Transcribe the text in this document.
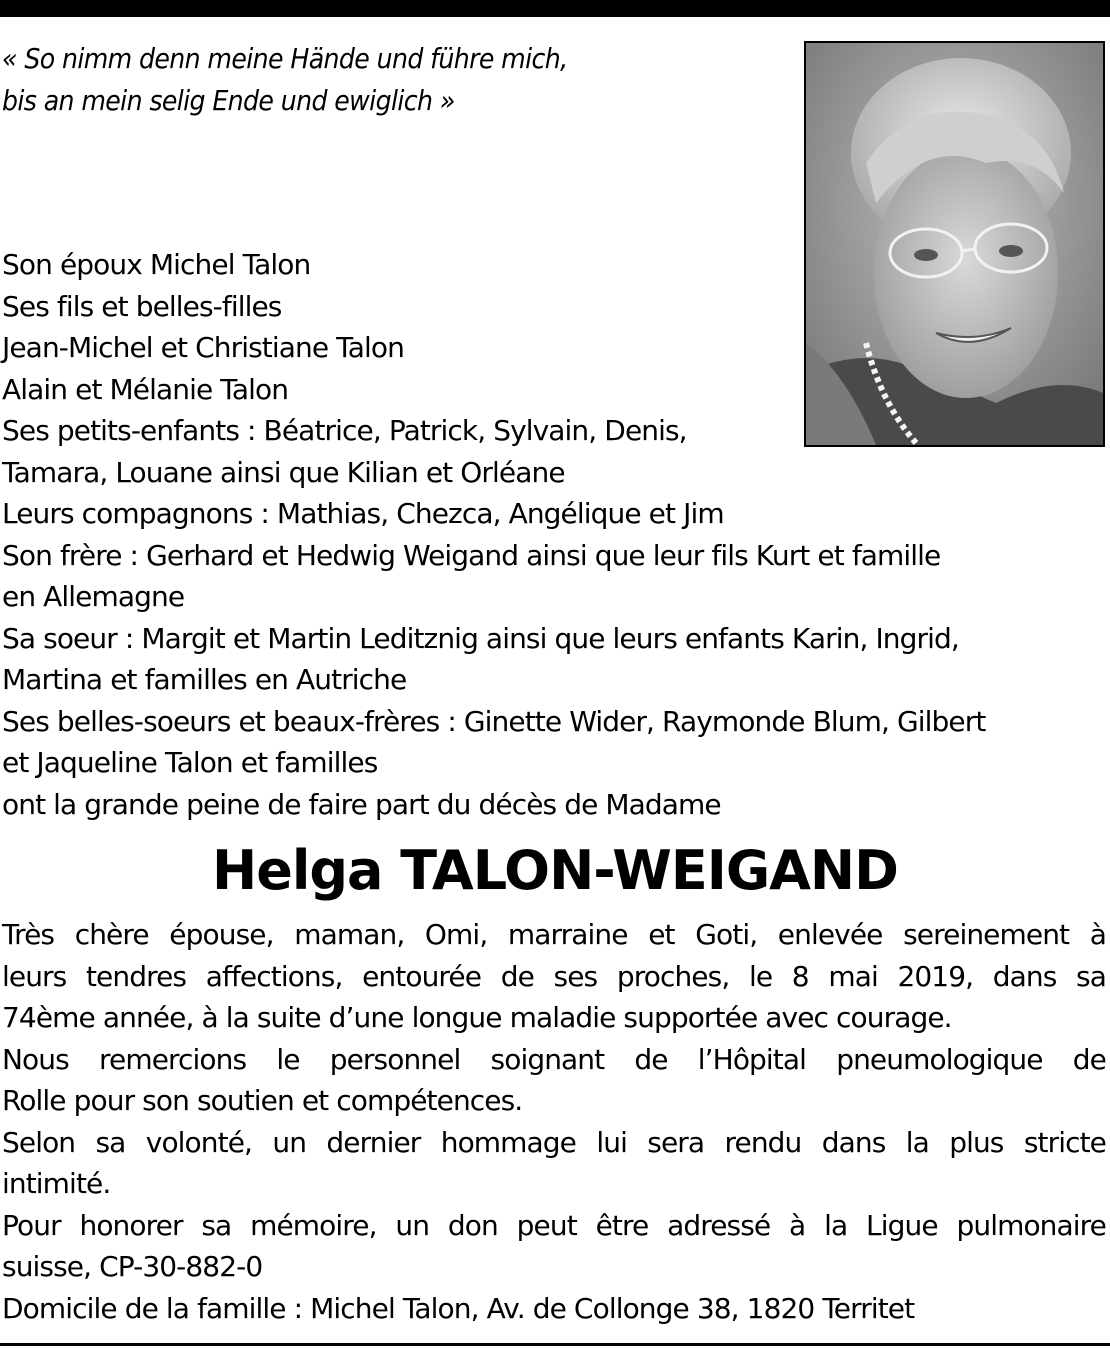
« So nimm denn meine Hände und führe mich,
bis an mein selig Ende und ewiglich »
Son époux Michel Talon
Ses fils et belles-filles
Jean-Michel et Christiane Talon
Alain et Mélanie Talon
Ses petits-enfants : Béatrice, Patrick, Sylvain, Denis,
Tamara, Louane ainsi que Kilian et Orléane
Leurs compagnons : Mathias, Chezca, Angélique et Jim
Son frère : Gerhard et Hedwig Weigand ainsi que leur fils Kurt et famille
en Allemagne
Sa soeur : Margit et Martin Leditznig ainsi que leurs enfants Karin, Ingrid,
Martina et familles en Autriche
Ses belles-soeurs et beaux-frères : Ginette Wider, Raymonde Blum, Gilbert
et Jaqueline Talon et familles
ont la grande peine de faire part du décès de Madame
Helga TALON-WEIGAND
Très chère épouse, maman, Omi, marraine et Goti, enlevée sereinement à
leurs tendres affections, entourée de ses proches, le 8 mai 2019, dans sa
74ème année, à la suite d’une longue maladie supportée avec courage.
Nous remercions le personnel soignant de l’Hôpital pneumologique de
Rolle pour son soutien et compétences.
Selon sa volonté, un dernier hommage lui sera rendu dans la plus stricte
intimité.
Pour honorer sa mémoire, un don peut être adressé à la Ligue pulmonaire
suisse, CP-30-882-0
Domicile de la famille : Michel Talon, Av. de Collonge 38, 1820 Territet
